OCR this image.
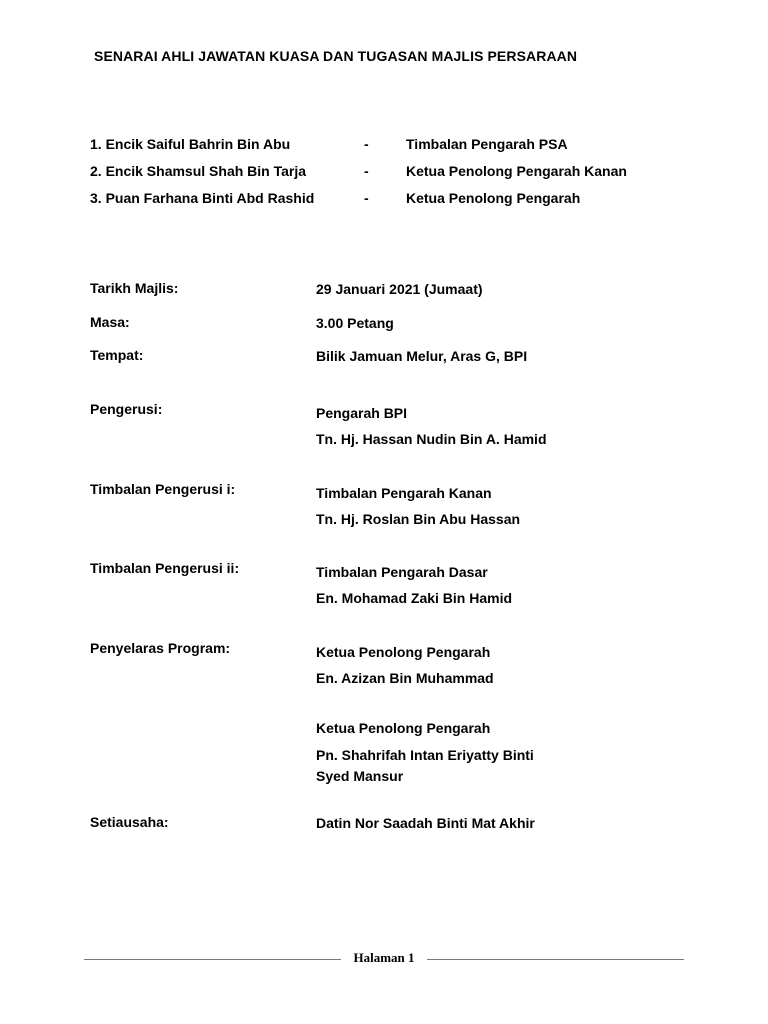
SENARAI AHLI JAWATAN KUASA DAN TUGASAN MAJLIS PERSARAAN
1. Encik Saiful Bahrin Bin Abu	-	Timbalan Pengarah PSA
2. Encik Shamsul Shah Bin Tarja	-	Ketua Penolong Pengarah Kanan
3. Puan Farhana Binti Abd Rashid	-	Ketua Penolong Pengarah
Tarikh Majlis:	29 Januari 2021 (Jumaat)
Masa:	3.00 Petang
Tempat:	Bilik Jamuan Melur, Aras G, BPI
Pengerusi:	Pengarah BPI
Tn. Hj. Hassan Nudin Bin A. Hamid
Timbalan Pengerusi i:	Timbalan Pengarah Kanan
Tn. Hj. Roslan Bin Abu Hassan
Timbalan Pengerusi ii:	Timbalan Pengarah Dasar
En. Mohamad Zaki Bin Hamid
Penyelaras Program:	Ketua Penolong Pengarah
En. Azizan Bin Muhammad
Ketua Penolong Pengarah
Pn. Shahrifah Intan Eriyatty Binti
Syed Mansur
Setiausaha:	Datin Nor Saadah Binti Mat Akhir
Halaman 1
